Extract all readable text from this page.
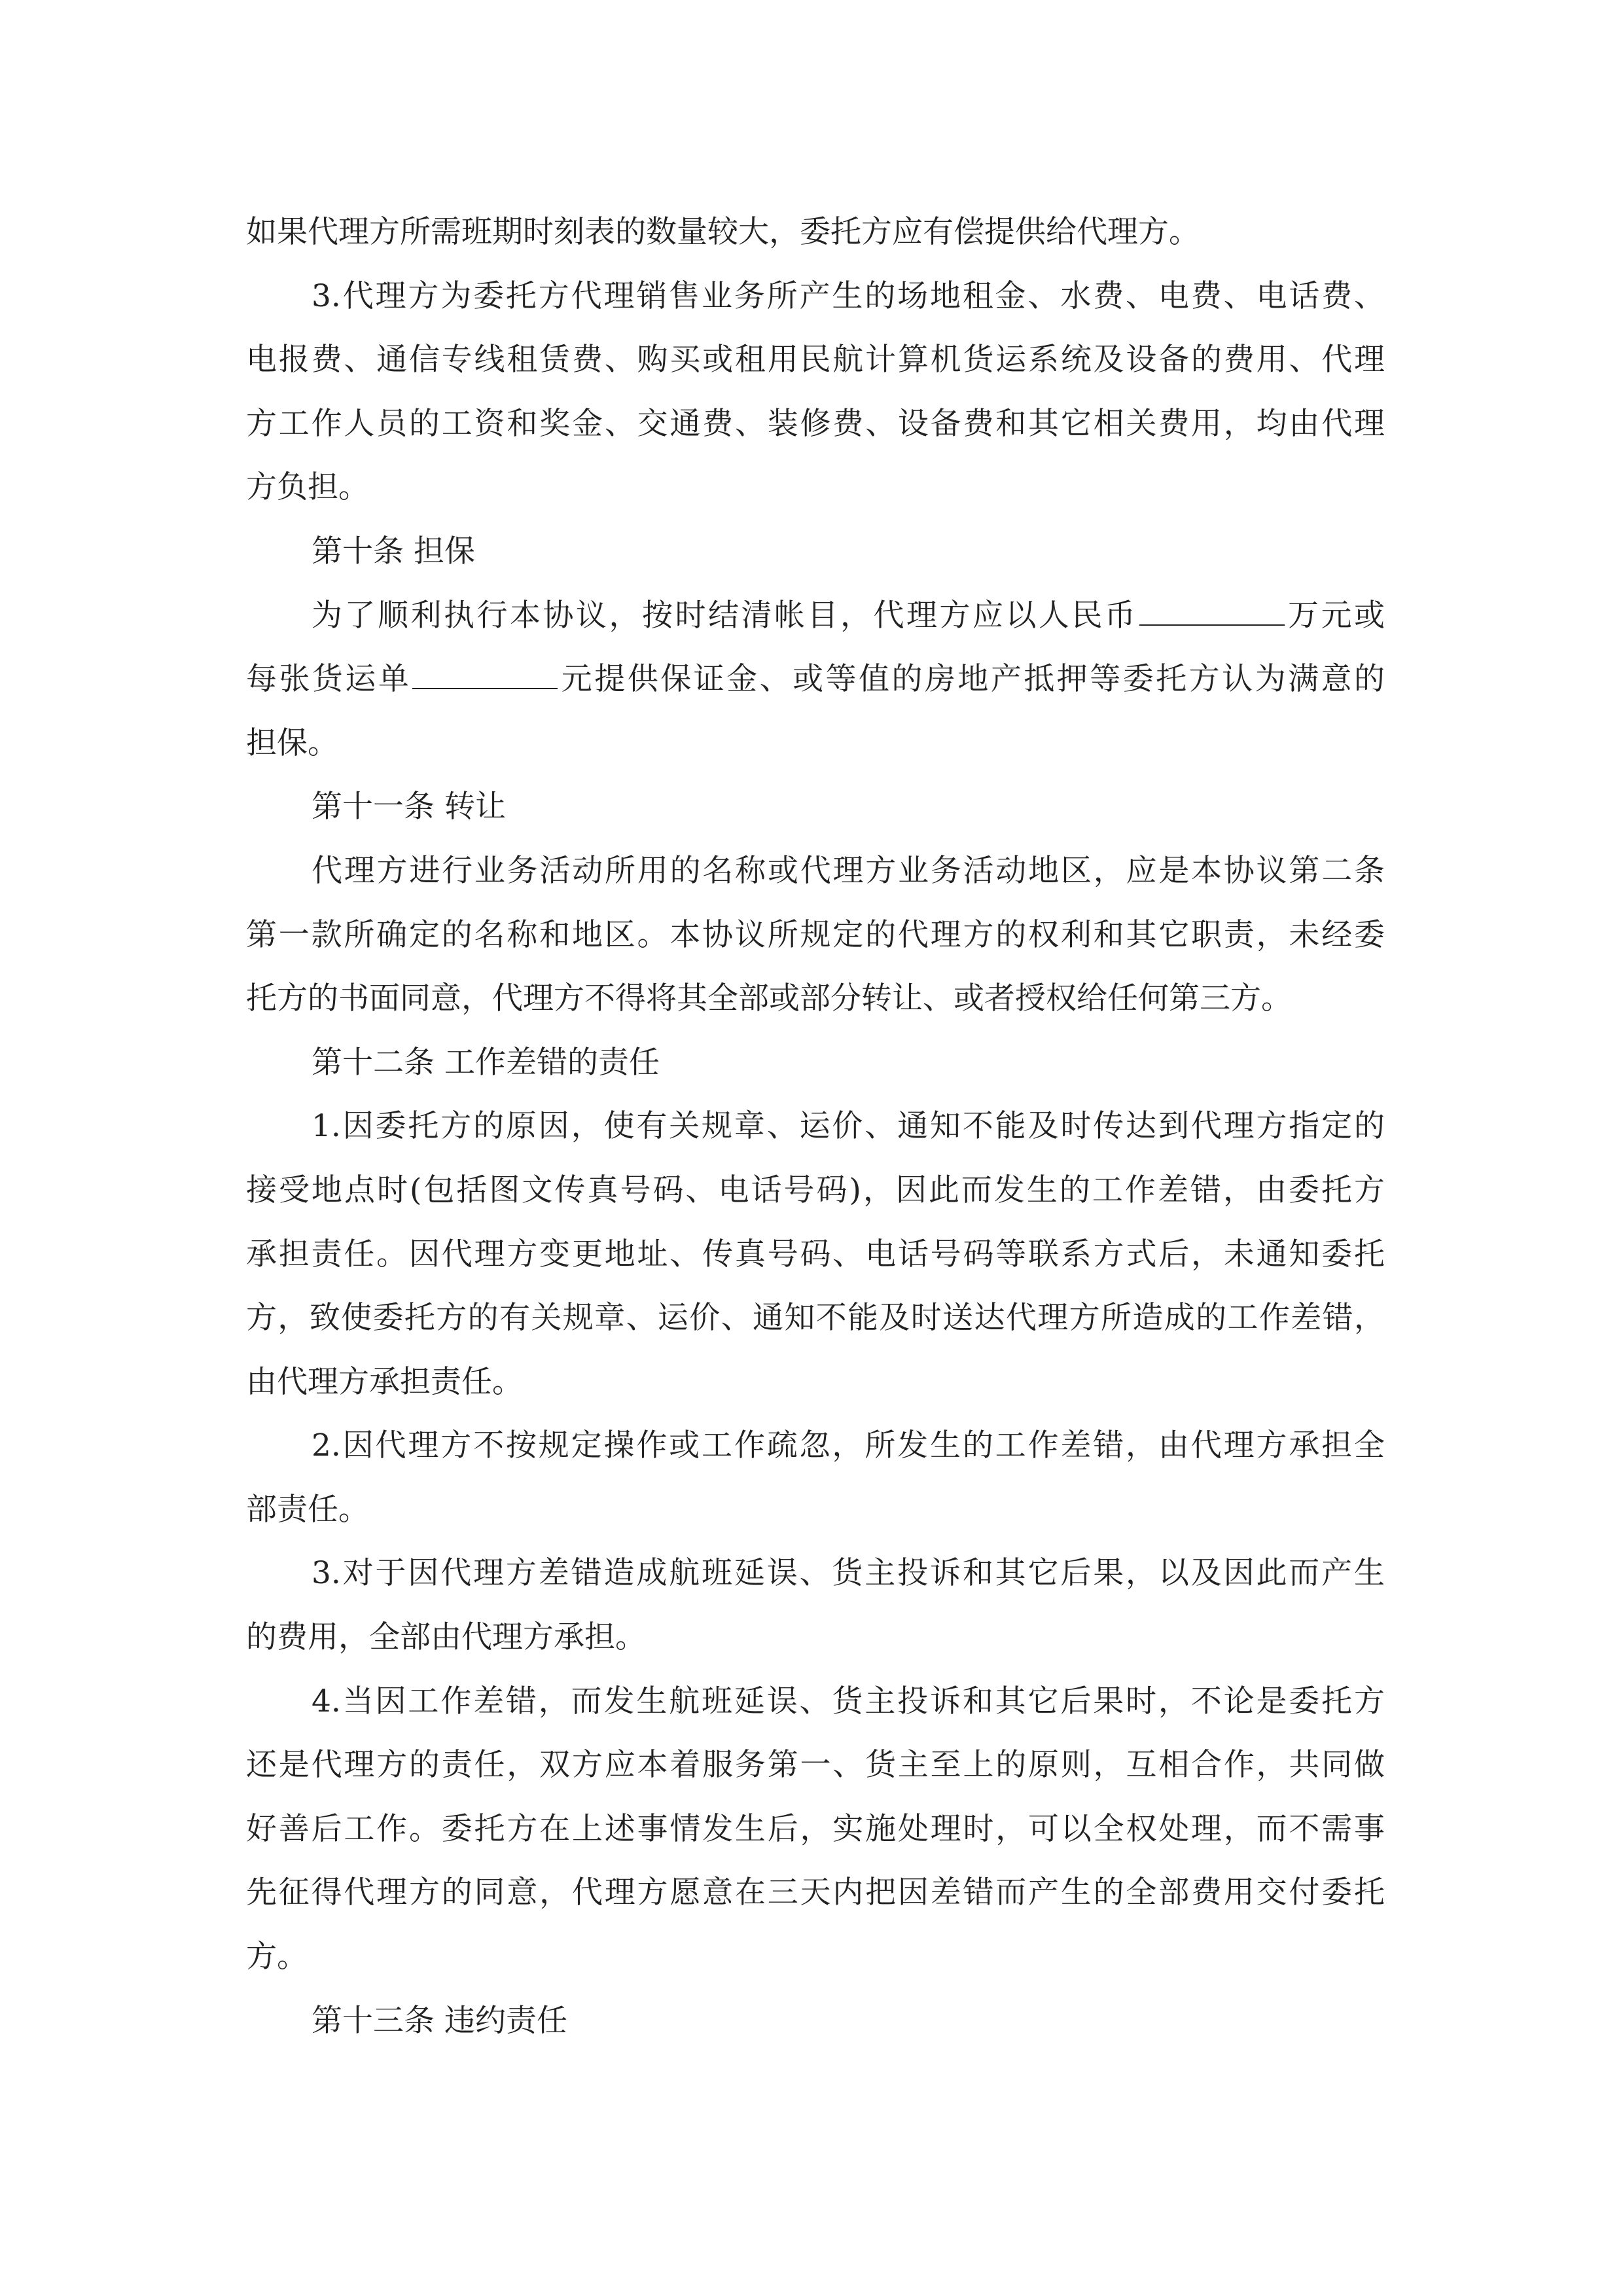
如果代理方所需班期时刻表的数量较大，委托方应有偿提供给代理方。
3.代理方为委托方代理销售业务所产生的场地租金、水费、电费、电话费、
电报费、通信专线租赁费、购买或租用民航计算机货运系统及设备的费用、代理
方工作人员的工资和奖金、交通费、装修费、设备费和其它相关费用，均由代理
方负担。
第十条 担保
为了顺利执行本协议，按时结清帐目，代理方应以人民币	万元或
每张货运单	元提供保证金、或等值的房地产抵押等委托方认为满意的
担保。
第十一条 转让
代理方进行业务活动所用的名称或代理方业务活动地区，应是本协议第二条
第一款所确定的名称和地区。本协议所规定的代理方的权利和其它职责，未经委
托方的书面同意，代理方不得将其全部或部分转让、或者授权给任何第三方。
第十二条 工作差错的责任
1.因委托方的原因，使有关规章、运价、通知不能及时传达到代理方指定的
接受地点时(包括图文传真号码、电话号码)，因此而发生的工作差错，由委托方
承担责任。因代理方变更地址、传真号码、电话号码等联系方式后，未通知委托
方，致使委托方的有关规章、运价、通知不能及时送达代理方所造成的工作差错，
由代理方承担责任。
2.因代理方不按规定操作或工作疏忽，所发生的工作差错，由代理方承担全
部责任。
3.对于因代理方差错造成航班延误、货主投诉和其它后果，以及因此而产生
的费用，全部由代理方承担。
4.当因工作差错，而发生航班延误、货主投诉和其它后果时，不论是委托方
还是代理方的责任，双方应本着服务第一、货主至上的原则，互相合作，共同做
好善后工作。委托方在上述事情发生后，实施处理时，可以全权处理，而不需事
先征得代理方的同意，代理方愿意在三天内把因差错而产生的全部费用交付委托
方。
第十三条 违约责任
